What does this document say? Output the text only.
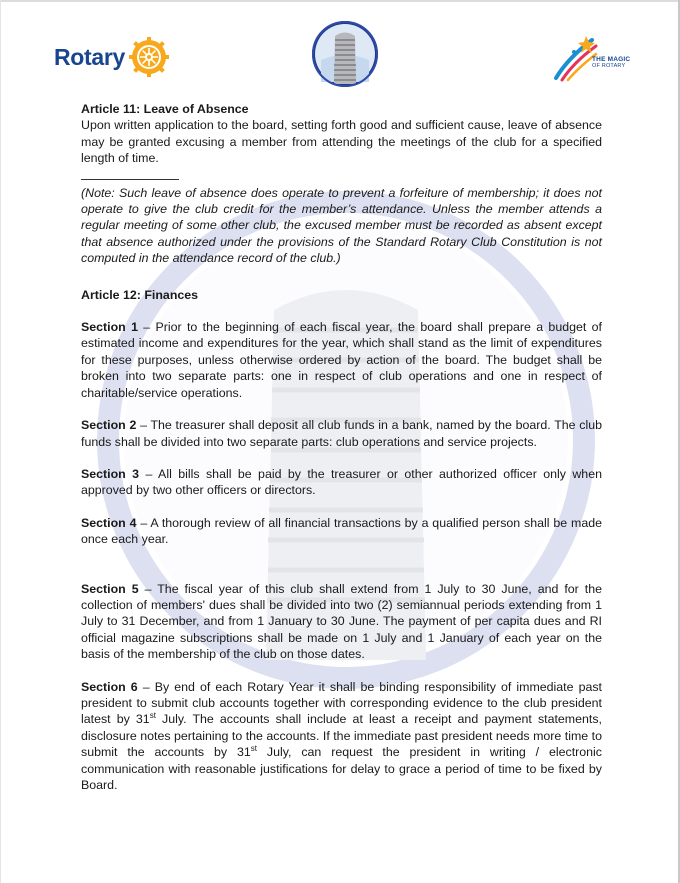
Rotary	THE MAGIC
OF ROTARY

Article 11: Leave of Absence

Upon written application to the board, setting forth good and sufficient cause, leave of absence may be granted excusing a member from attending the meetings of the club for a specified length of time.

(Note: Such leave of absence does operate to prevent a forfeiture of membership; it does not operate to give the club credit for the member’s attendance. Unless the member attends a regular meeting of some other club, the excused member must be recorded as absent except that absence authorized under the provisions of the Standard Rotary Club Constitution is not computed in the attendance record of the club.)

Article 12: Finances

Section 1 – Prior to the beginning of each fiscal year, the board shall prepare a budget of estimated income and expenditures for the year, which shall stand as the limit of expenditures for these purposes, unless otherwise ordered by action of the board. The budget shall be broken into two separate parts: one in respect of club operations and one in respect of charitable/service operations.

Section 2 – The treasurer shall deposit all club funds in a bank, named by the board. The club funds shall be divided into two separate parts: club operations and service projects.

Section 3 – All bills shall be paid by the treasurer or other authorized officer only when approved by two other officers or directors.

Section 4 – A thorough review of all financial transactions by a qualified person shall be made once each year.

Section 5 – The fiscal year of this club shall extend from 1 July to 30 June, and for the collection of members' dues shall be divided into two (2) semiannual periods extending from 1 July to 31 December, and from 1 January to 30 June. The payment of per capita dues and RI official magazine subscriptions shall be made on 1 July and 1 January of each year on the basis of the membership of the club on those dates.

Section 6 – By end of each Rotary Year it shall be binding responsibility of immediate past president to submit club accounts together with corresponding evidence to the club president latest by 31st July. The accounts shall include at least a receipt and payment statements, disclosure notes pertaining to the accounts. If the immediate past president needs more time to submit the accounts by 31st July, can request the president in writing / electronic communication with reasonable justifications for delay to grace a period of time to be fixed by Board.
